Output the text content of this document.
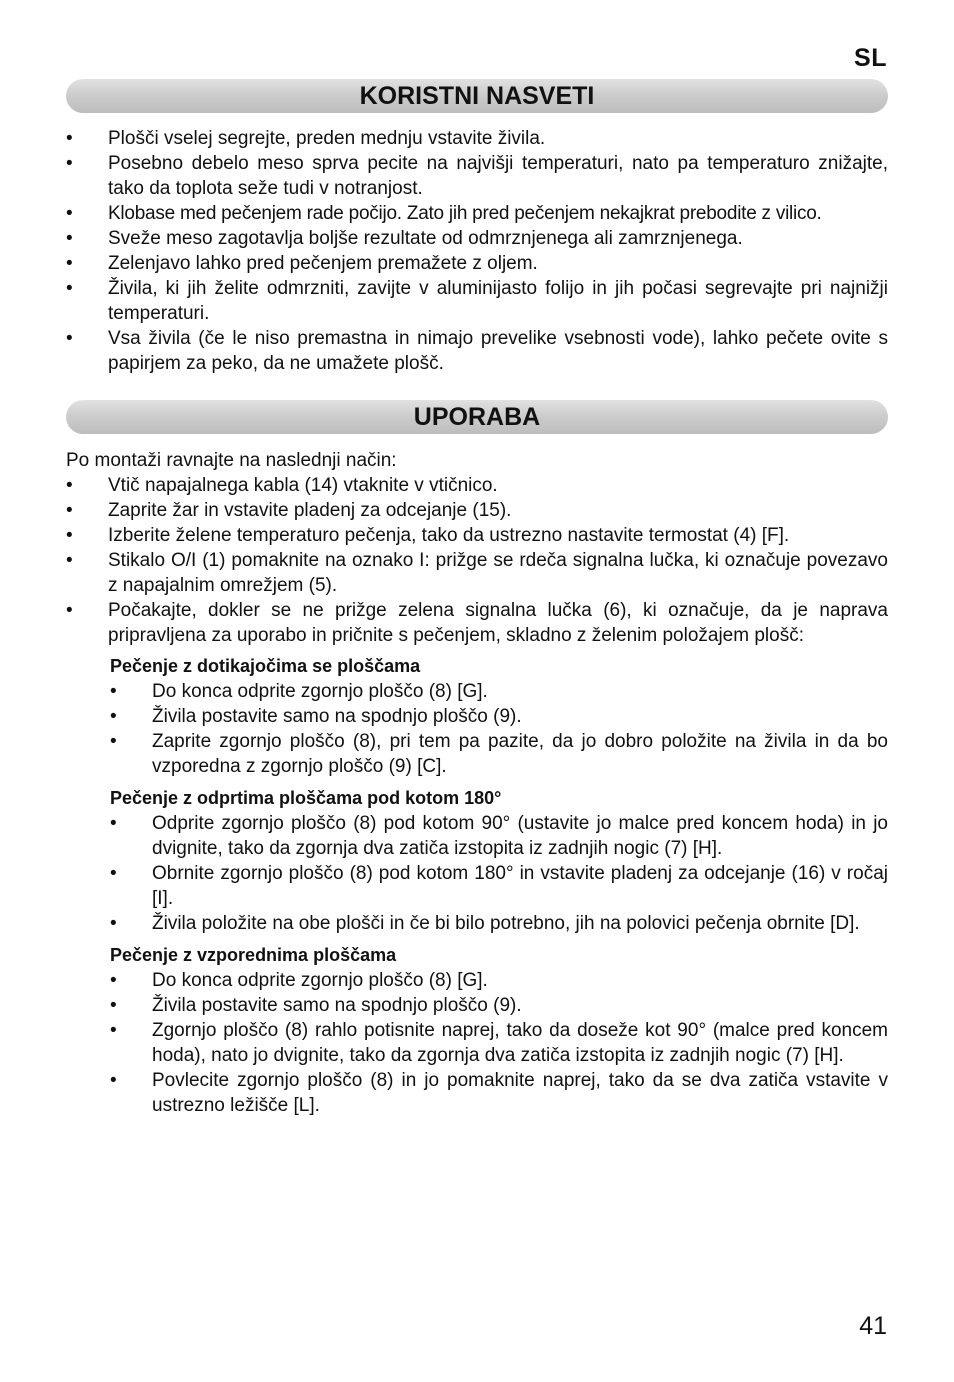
SL
KORISTNI NASVETI
•	Plošči vselej segrejte, preden mednju vstavite živila.
•	Posebno debelo meso sprva pecite na najvišji temperaturi, nato pa temperaturo znižajte, tako da toplota seže tudi v notranjost.
•	Klobase med pečenjem rade počijo. Zato jih pred pečenjem nekajkrat prebodite z vilico.
•	Sveže meso zagotavlja boljše rezultate od odmrznjenega ali zamrznjenega.
•	Zelenjavo lahko pred pečenjem premažete z oljem.
•	Živila, ki jih želite odmrzniti, zavijte v aluminijasto folijo in jih počasi segrevajte pri najnižji temperaturi.
•	Vsa živila (če le niso premastna in nimajo prevelike vsebnosti vode), lahko pečete ovite s papirjem za peko, da ne umažete plošč.
UPORABA

Po montaži ravnajte na naslednji način:

•	Vtič napajalnega kabla (14) vtaknite v vtičnico.
•	Zaprite žar in vstavite pladenj za odcejanje (15).
•	Izberite želene temperaturo pečenja, tako da ustrezno nastavite termostat (4) [F].
•	Stikalo O/I (1) pomaknite na oznako I: prižge se rdeča signalna lučka, ki označuje povezavo z napajalnim omrežjem (5).
•	Počakajte, dokler se ne prižge zelena signalna lučka (6), ki označuje, da je naprava pripravljena za uporabo in pričnite s pečenjem, skladno z želenim položajem plošč:
Pečenje z dotikajočima se ploščama
•	Do konca odprite zgornjo ploščo (8) [G].
•	Živila postavite samo na spodnjo ploščo (9).
•	Zaprite zgornjo ploščo (8), pri tem pa pazite, da jo dobro položite na živila in da bo vzporedna z zgornjo ploščo (9) [C].
Pečenje z odprtima ploščama pod kotom 180°
•	Odprite zgornjo ploščo (8) pod kotom 90° (ustavite jo malce pred koncem hoda) in jo dvignite, tako da zgornja dva zatiča izstopita iz zadnjih nogic (7) [H].
•	Obrnite zgornjo ploščo (8) pod kotom 180° in vstavite pladenj za odcejanje (16) v ročaj [I].
•	Živila položite na obe plošči in če bi bilo potrebno, jih na polovici pečenja obrnite [D].
Pečenje z vzporednima ploščama
•	Do konca odprite zgornjo ploščo (8) [G].
•	Živila postavite samo na spodnjo ploščo (9).
•	Zgornjo ploščo (8) rahlo potisnite naprej, tako da doseže kot 90° (malce pred koncem hoda), nato jo dvignite, tako da zgornja dva zatiča izstopita iz zadnjih nogic (7) [H].
•	Povlecite zgornjo ploščo (8) in jo pomaknite naprej, tako da se dva zatiča vstavite v ustrezno ležišče [L].
41
